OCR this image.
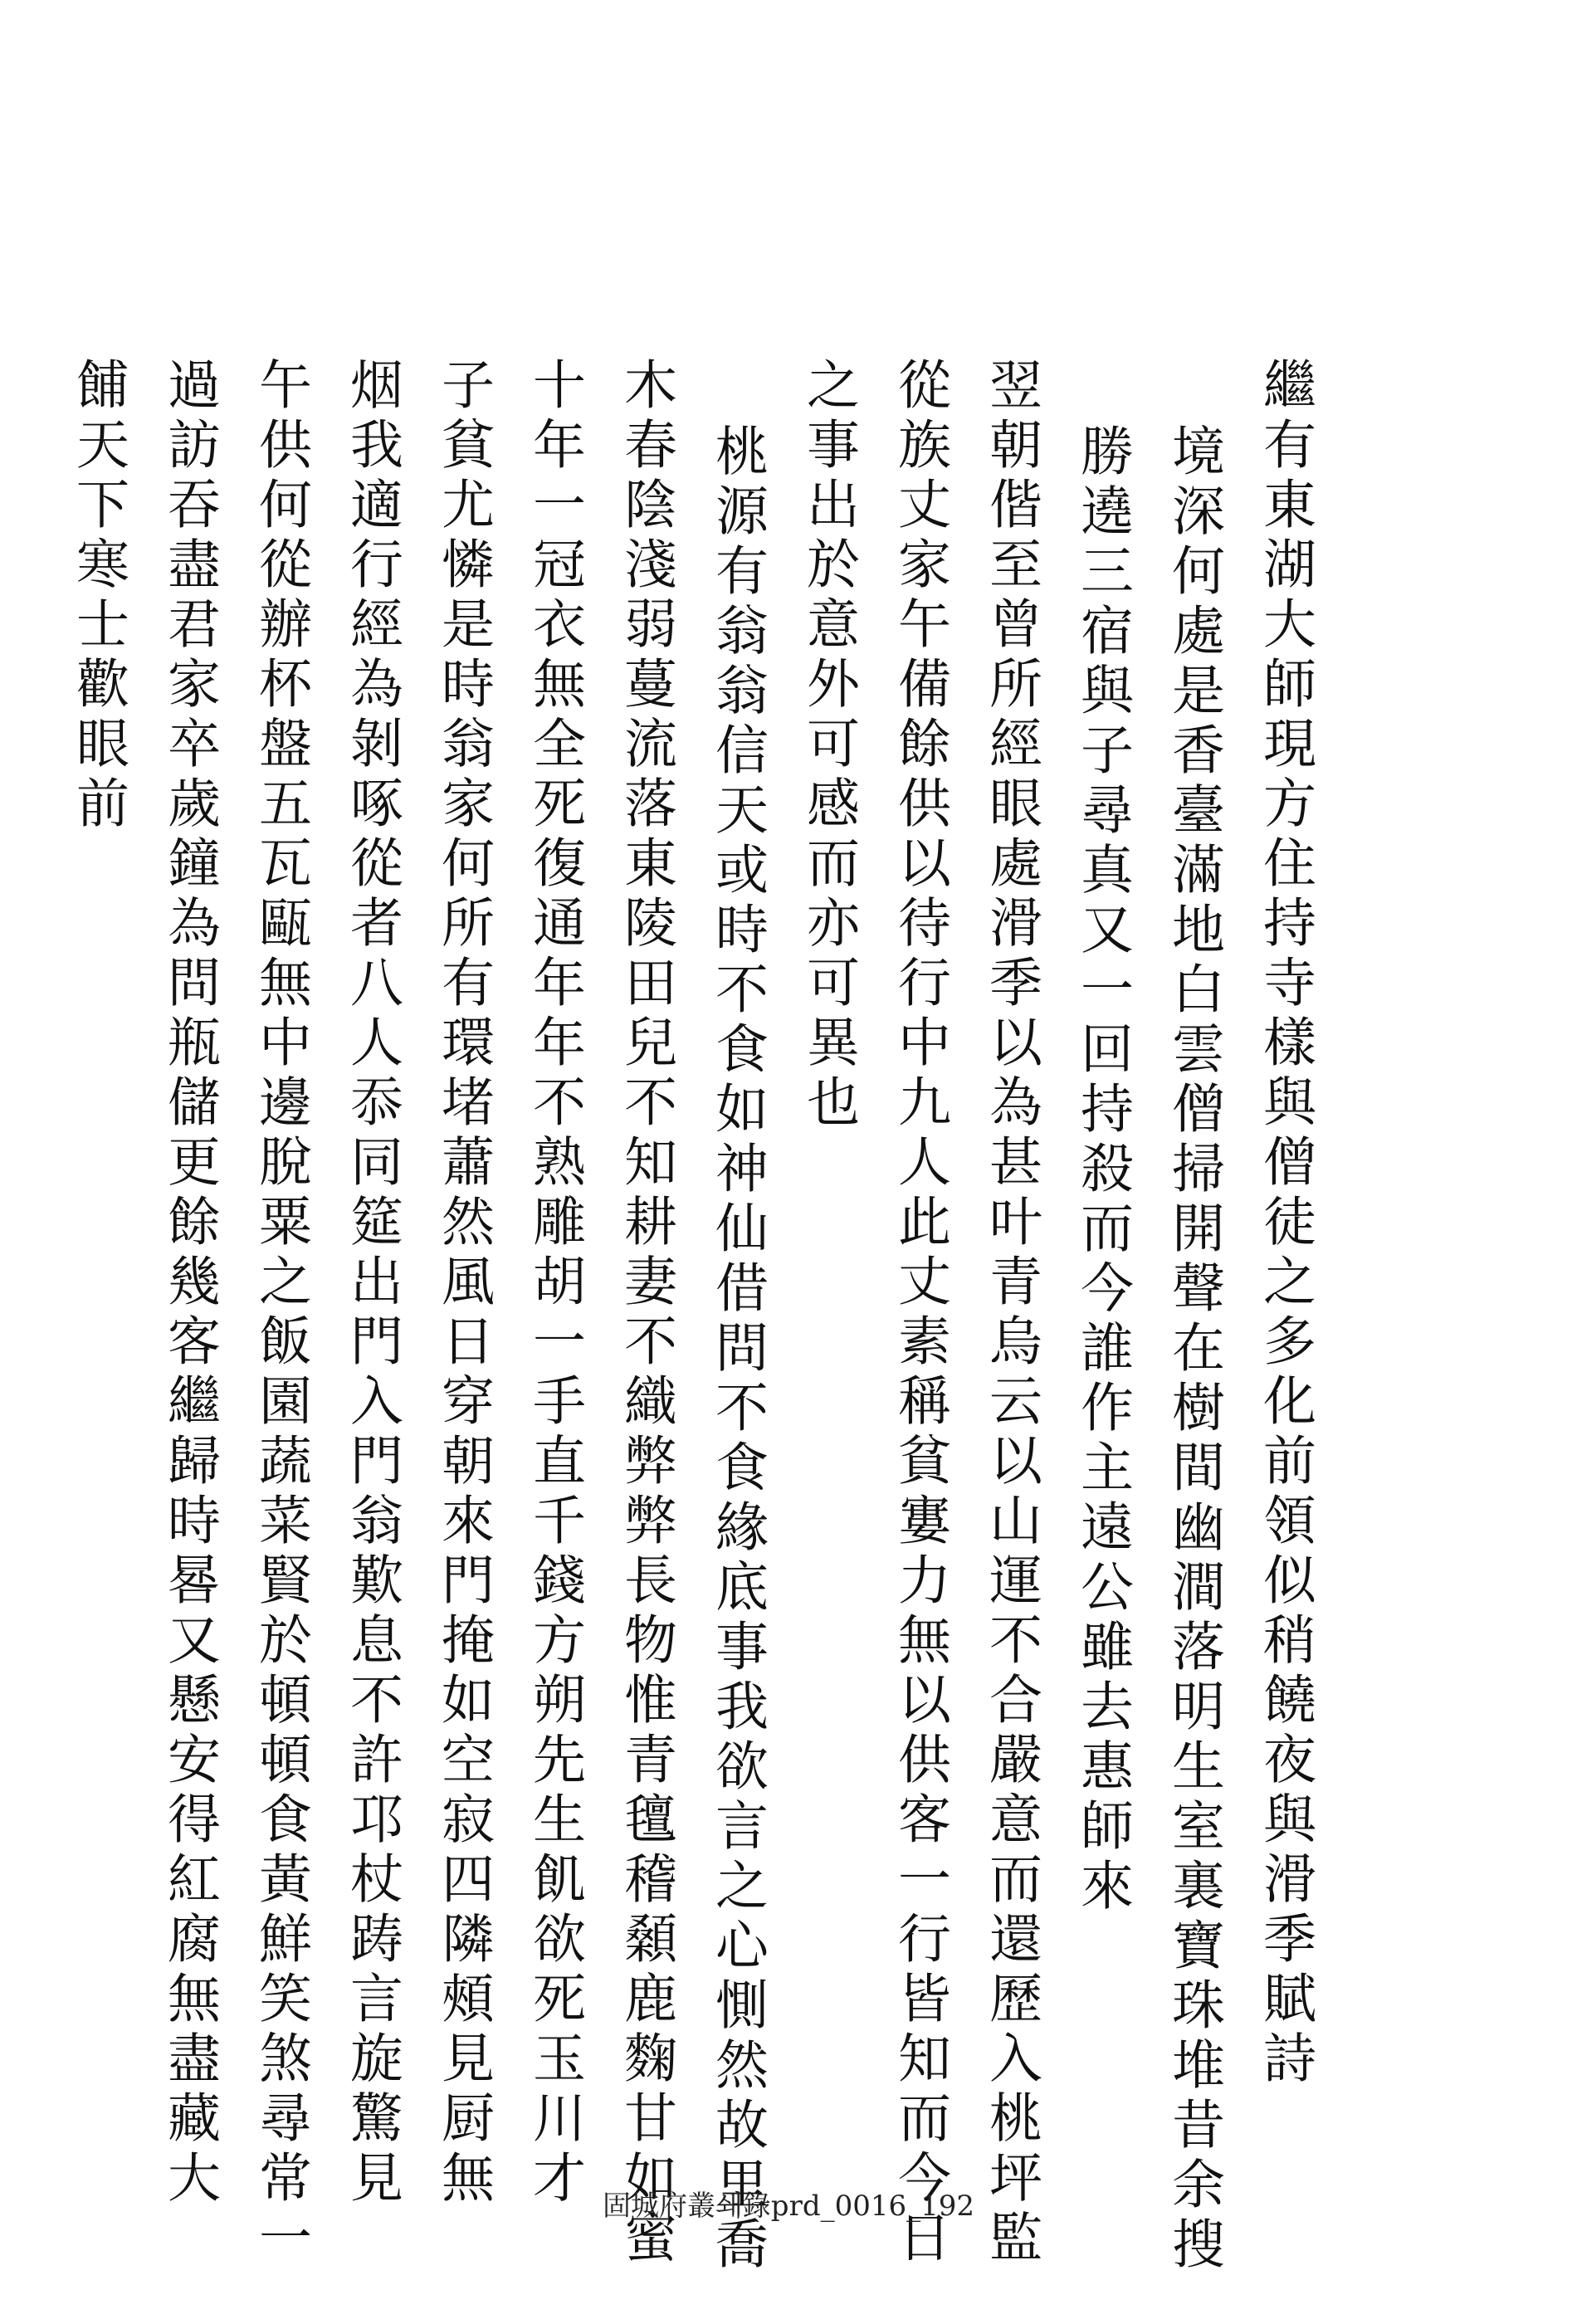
繼有東湖大師現方住持寺樣與僧徒之多化前領似稍饒夜與滑季賦詩
境深何處是香臺滿地白雲僧掃開聲在樹間幽澗落明生室裏寶珠堆昔余搜
勝遶三宿與子尋真又一回持殺而今誰作主遠公雖去惠師來
翌朝偕至曾所經眼處滑季以為甚叶青烏云以山運不合嚴意而還歷入桃坪監
從族丈家午備餘供以待行中九人此丈素稱貧寠力無以供客一行皆知而今日
之事出於意外可感而亦可異也
桃源有翁翁信天或時不食如神仙借問不食緣底事我欲言之心惻然故里喬
木春陰淺弱蔓流落東陵田兒不知耕妻不織弊弊長物惟青氊稽顙鹿麴甘如蜜
十年一冠衣無全死復通年年不熟雕胡一手直千錢方朔先生飢欲死玉川才
子貧尤憐是時翁家何所有環堵蕭然風日穿朝來門掩如空寂四隣頰見厨無
烟我適行經為剝啄從者八人忝同筵出門入門翁歎息不許邛杖踌言旋驚見
午供何從辦杯盤五瓦甌無中邊脫粟之飯園蔬菜賢於頓頓食黃鮮笑煞尋常一
過訪吞盡君家卒歲鐘為問瓶儲更餘幾客繼歸時晷又懸安得紅腐無盡藏大
餔天下寒士歡眼前
固城府叢쇄錄prd_0016_192
